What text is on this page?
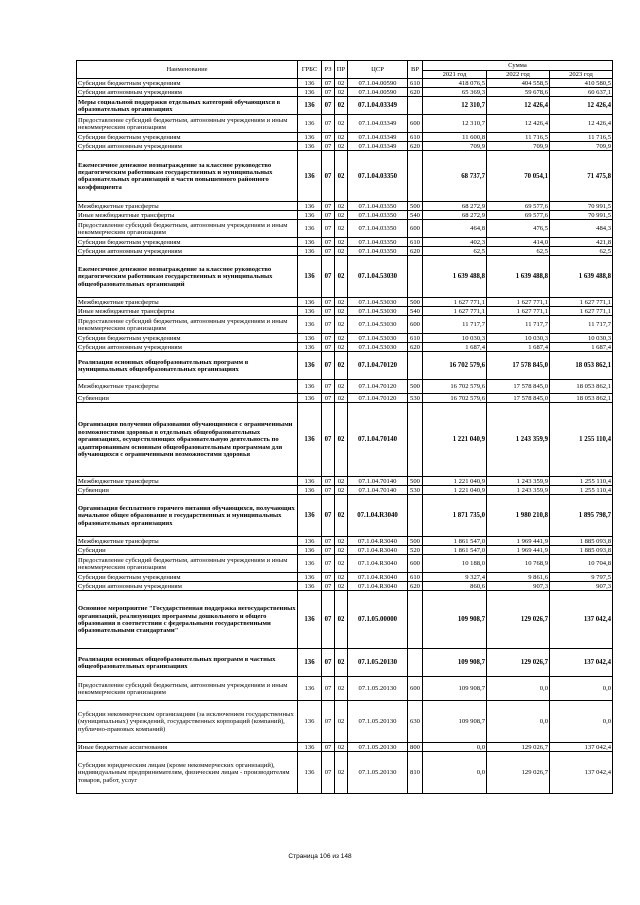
Наименование	ГРБС	РЗ	ПР	ЦСР	ВР	Сумма		
						2021 год	2022 год	2023 год
Субсидии бюджетным учреждениям	136	07	02	07.1.04.00590	610	418 076,5	404 558,5	410 580,5
Субсидии автономным учреждениям	136	07	02	07.1.04.00590	620	65 369,3	59 678,6	60 637,1
Меры социальной поддержки отдельных категорий обучающихся в образовательных организациях	136	07	02	07.1.04.03349		12 310,7	12 426,4	12 426,4
Предоставление субсидий бюджетным, автономным учреждениям и иным некоммерческим организациям	136	07	02	07.1.04.03349	600	12 310,7	12 426,4	12 426,4
Субсидии бюджетным учреждениям	136	07	02	07.1.04.03349	610	11 600,8	11 716,5	11 716,5
Субсидии автономным учреждениям	136	07	02	07.1.04.03349	620	709,9	709,9	709,9
Ежемесячное денежное вознаграждение за классное руководство педагогическим работникам государственных и муниципальных образовательных организаций в части повышенного районного коэффициента	136	07	02	07.1.04.03350		68 737,7	70 054,1	71 475,8
Межбюджетные трансферты	136	07	02	07.1.04.03350	500	68 272,9	69 577,6	70 991,5
Иные межбюджетные трансферты	136	07	02	07.1.04.03350	540	68 272,9	69 577,6	70 991,5
Предоставление субсидий бюджетным, автономным учреждениям и иным некоммерческим организациям	136	07	02	07.1.04.03350	600	464,8	476,5	484,3
Субсидии бюджетным учреждениям	136	07	02	07.1.04.03350	610	402,3	414,0	421,8
Субсидии автономным учреждениям	136	07	02	07.1.04.03350	620	62,5	62,5	62,5
Ежемесячное денежное вознаграждение за классное руководство педагогическим работникам государственных и муниципальных общеобразовательных организаций	136	07	02	07.1.04.53030		1 639 488,8	1 639 488,8	1 639 488,8
Межбюджетные трансферты	136	07	02	07.1.04.53030	500	1 627 771,1	1 627 771,1	1 627 771,1
Иные межбюджетные трансферты	136	07	02	07.1.04.53030	540	1 627 771,1	1 627 771,1	1 627 771,1
Предоставление субсидий бюджетным, автономным учреждениям и иным некоммерческим организациям	136	07	02	07.1.04.53030	600	11 717,7	11 717,7	11 717,7
Субсидии бюджетным учреждениям	136	07	02	07.1.04.53030	610	10 030,3	10 030,3	10 030,3
Субсидии автономным учреждениям	136	07	02	07.1.04.53030	620	1 687,4	1 687,4	1 687,4
Реализация основных общеобразовательных программ в муниципальных общеобразовательных организациях	136	07	02	07.1.04.70120		16 702 579,6	17 578 845,0	18 053 862,1
Межбюджетные трансферты	136	07	02	07.1.04.70120	500	16 702 579,6	17 578 845,0	18 053 862,1
Субвенции	136	07	02	07.1.04.70120	530	16 702 579,6	17 578 845,0	18 053 862,1
Организация получения образования обучающимися с ограниченными возможностями здоровья в отдельных общеобразовательных организациях, осуществляющих образовательную деятельность по адаптированным основным общеобразовательным программам для обучающихся с ограниченными возможностями здоровья	136	07	02	07.1.04.70140		1 221 040,9	1 243 359,9	1 255 110,4
Межбюджетные трансферты	136	07	02	07.1.04.70140	500	1 221 040,9	1 243 359,9	1 255 110,4
Субвенции	136	07	02	07.1.04.70140	530	1 221 040,9	1 243 359,9	1 255 110,4
Организация бесплатного горячего питания обучающихся, получающих начальное общее образование в государственных и муниципальных образовательных организациях	136	07	02	07.1.04.R3040		1 871 735,0	1 980 210,8	1 895 798,7
Межбюджетные трансферты	136	07	02	07.1.04.R3040	500	1 861 547,0	1 969 441,9	1 885 093,8
Субсидии	136	07	02	07.1.04.R3040	520	1 861 547,0	1 969 441,9	1 885 093,8
Предоставление субсидий бюджетным, автономным учреждениям и иным некоммерческим организациям	136	07	02	07.1.04.R3040	600	10 188,0	10 768,9	10 704,8
Субсидии бюджетным учреждениям	136	07	02	07.1.04.R3040	610	9 327,4	9 861,6	9 797,5
Субсидии автономным учреждениям	136	07	02	07.1.04.R3040	620	860,6	907,3	907,3
Основное мероприятие "Государственная поддержка негосударственных организаций, реализующих программы дошкольного и общего образования в соответствии с федеральными государственными образовательными стандартами"	136	07	02	07.1.05.00000		109 908,7	129 026,7	137 042,4
Реализация основных общеобразовательных программ в частных общеобразовательных организациях	136	07	02	07.1.05.20130		109 908,7	129 026,7	137 042,4
Предоставление субсидий бюджетным, автономным учреждениям и иным некоммерческим организациям	136	07	02	07.1.05.20130	600	109 908,7	0,0	0,0
Субсидии некоммерческим организациям (за исключением государственных (муниципальных) учреждений, государственных корпораций (компаний), публично-правовых компаний)	136	07	02	07.1.05.20130	630	109 908,7	0,0	0,0
Иные бюджетные ассигнования	136	07	02	07.1.05.20130	800	0,0	129 026,7	137 042,4
Субсидии юридическим лицам (кроме некоммерческих организаций), индивидуальным предпринимателям, физическим лицам - производителям товаров, работ, услуг	136	07	02	07.1.05.20130	810	0,0	129 026,7	137 042,4
Страница 106 из 148
